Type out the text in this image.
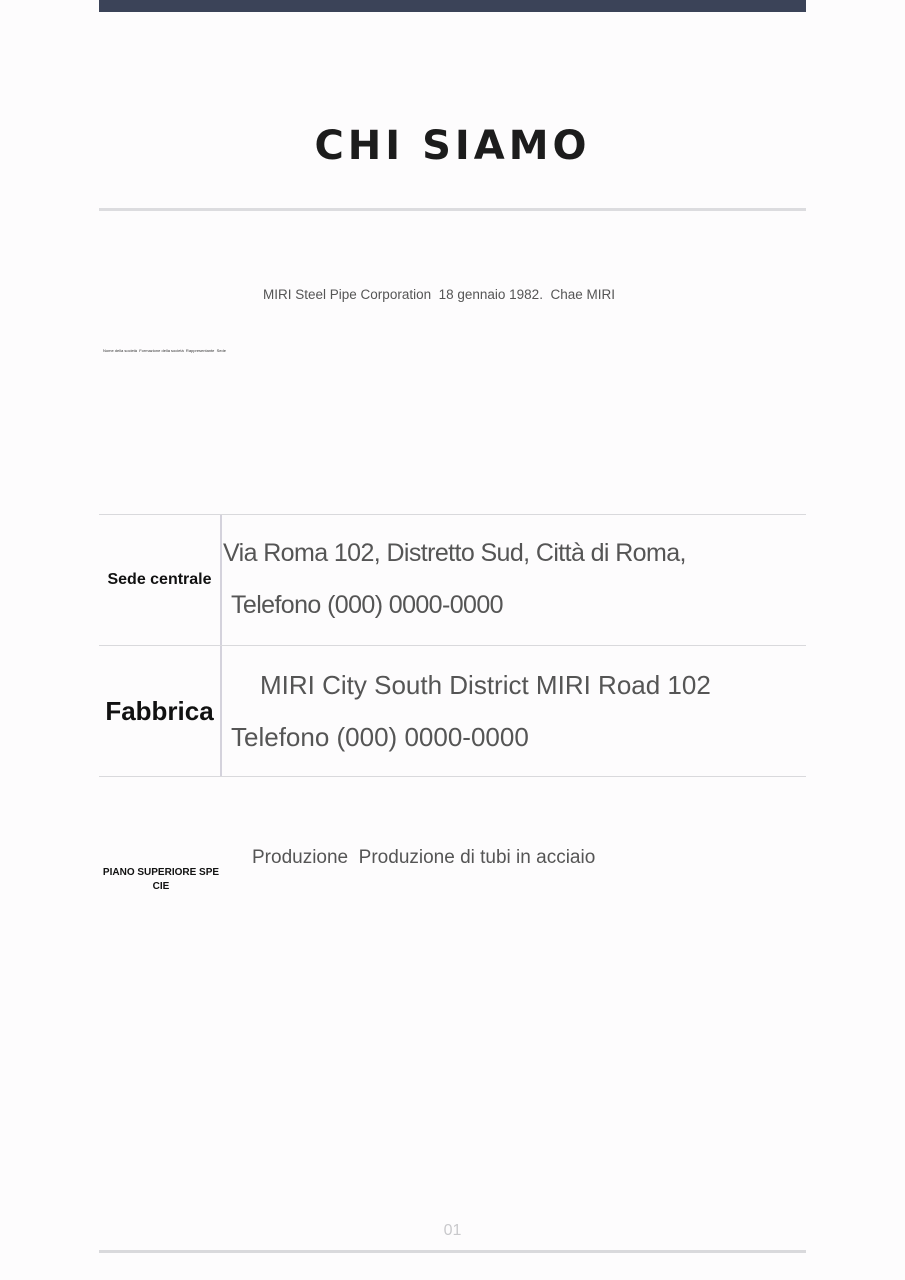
CHI SIAMO
MIRI Steel Pipe Corporation  18 gennaio 1982.  Chae MIRI
Nome della società  Formazione della società  Rappresentante  Sede
Sede centrale
Via Roma 102, Distretto Sud, Città di Roma,
Telefono (000) 0000-0000
Fabbrica
MIRI City South District MIRI Road 102
Telefono (000) 0000-0000
PIANO SUPERIORE SPE
CIE
Produzione  Produzione di tubi in acciaio
01
